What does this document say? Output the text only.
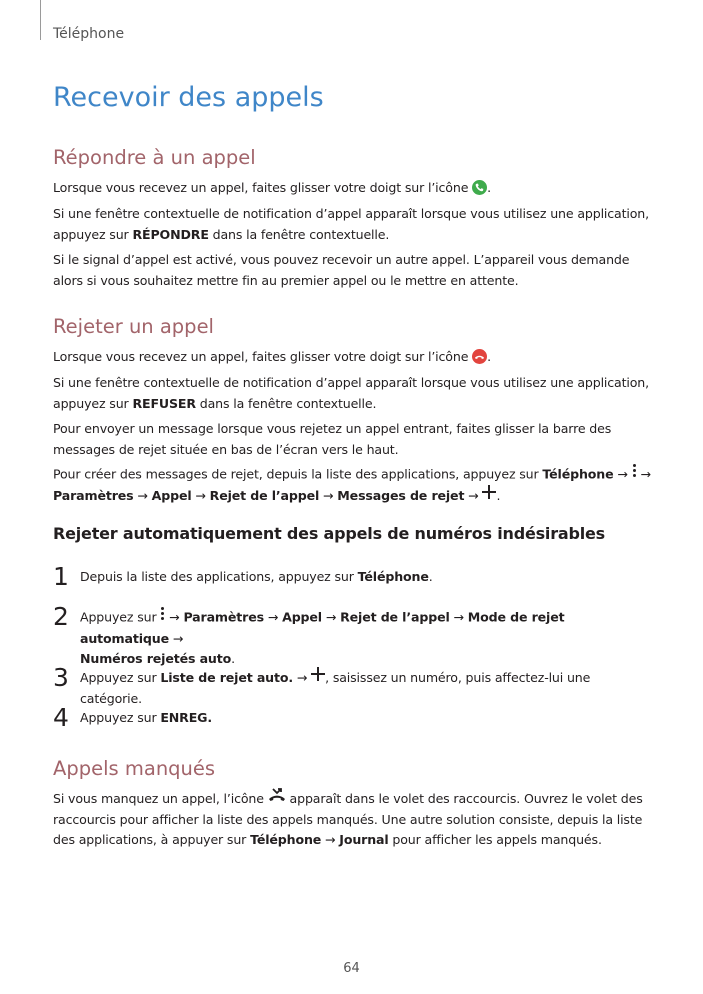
Téléphone
Recevoir des appels
Répondre à un appel

Lorsque vous recevez un appel, faites glisser votre doigt sur l’icône .

Si une fenêtre contextuelle de notification d’appel apparaît lorsque vous utilisez une application, appuyez sur RÉPONDRE dans la fenêtre contextuelle.

Si le signal d’appel est activé, vous pouvez recevoir un autre appel. L’appareil vous demande alors si vous souhaitez mettre fin au premier appel ou le mettre en attente.

Rejeter un appel

Lorsque vous recevez un appel, faites glisser votre doigt sur l’icône .

Si une fenêtre contextuelle de notification d’appel apparaît lorsque vous utilisez une application, appuyez sur REFUSER dans la fenêtre contextuelle.

Pour envoyer un message lorsque vous rejetez un appel entrant, faites glisser la barre des messages de rejet située en bas de l’écran vers le haut.

Pour créer des messages de rejet, depuis la liste des applications, appuyez sur Téléphone →  →
Paramètres → Appel → Rejet de l’appel → Messages de rejet → .

Rejeter automatiquement des appels de numéros indésirables
1 Depuis la liste des applications, appuyez sur Téléphone.

2 Appuyez sur  → Paramètres → Appel → Rejet de l’appel → Mode de rejet automatique →
Numéros rejetés auto.

3 Appuyez sur Liste de rejet auto. → , saisissez un numéro, puis affectez-lui une catégorie.

4 Appuyez sur ENREG.

Appels manqués

Si vous manquez un appel, l’icône  apparaît dans le volet des raccourcis. Ouvrez le volet des raccourcis pour afficher la liste des appels manqués. Une autre solution consiste, depuis la liste des applications, à appuyer sur Téléphone → Journal pour afficher les appels manqués.

64
